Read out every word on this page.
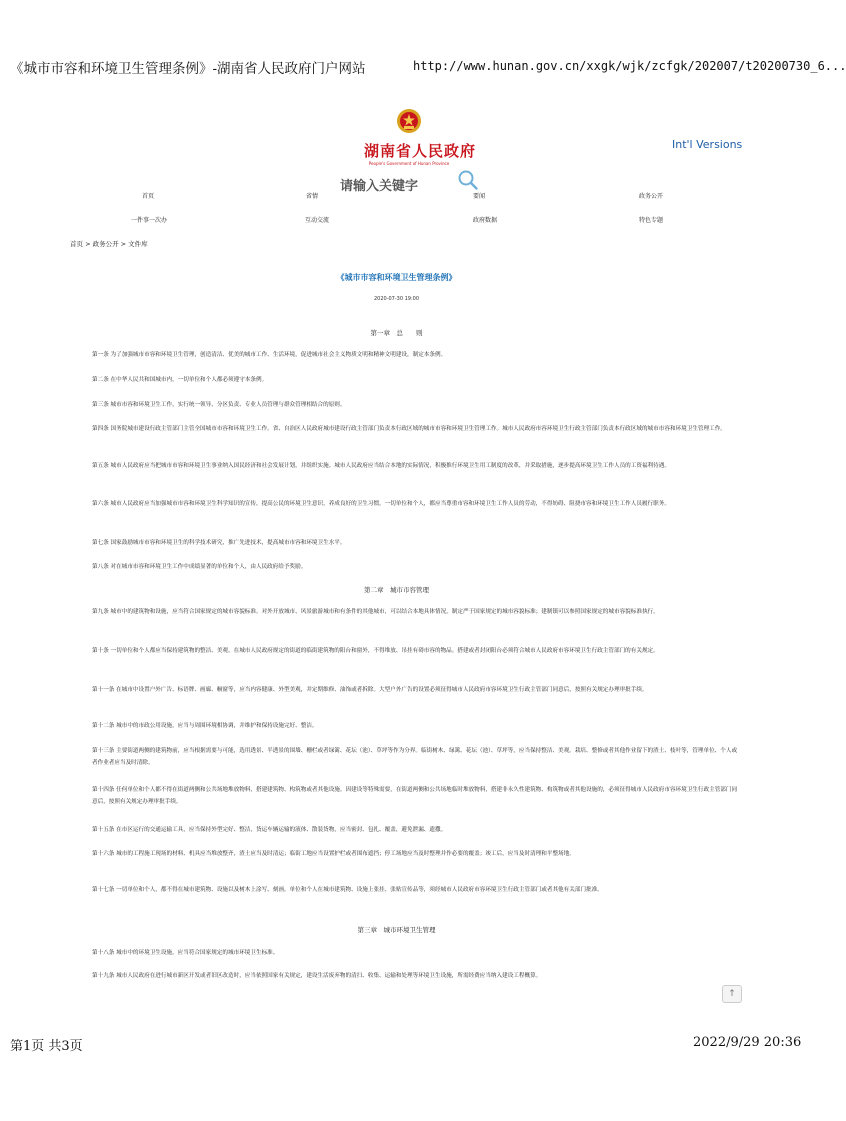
《城市市容和环境卫生管理条例》-湖南省人民政府门户网站	http://www.hunan.gov.cn/xxgk/wjk/zcfgk/202007/t20200730_6...
湖南省人民政府
People's Government of Hunan Province
Int'l Versions
请输入关键字
首页	省情	要闻	政务公开
一件事一次办	互动交流	政府数据	特色专题
首页 > 政务公开 > 文件库
《城市市容和环境卫生管理条例》
2020-07-30 19:00
第一章　总　　则
第一条 为了加强城市市容和环境卫生管理，创造清洁、优美的城市工作、生活环境，促进城市社会主义物质文明和精神文明建设，制定本条例。
第二条 在中华人民共和国城市内，一切单位和个人都必须遵守本条例。
第三条 城市市容和环境卫生工作，实行统一领导、分区负责、专业人员管理与群众管理相结合的原则。
第四条 国务院城市建设行政主管部门主管全国城市市容和环境卫生工作。省、自治区人民政府城市建设行政主管部门负责本行政区域的城市市容和环境卫生管理工作。城市人民政府市容环境卫生行政主管部门负责本行政区域的城市市容和环境卫生管理工作。
第五条 城市人民政府应当把城市市容和环境卫生事业纳入国民经济和社会发展计划，并组织实施。城市人民政府应当结合本地的实际情况，积极推行环境卫生用工制度的改革，并采取措施，逐步提高环境卫生工作人员的工资福利待遇。
第六条 城市人民政府应当加强城市市容和环境卫生科学知识的宣传，提高公民的环境卫生意识，养成良好的卫生习惯。一切单位和个人，都应当尊重市容和环境卫生工作人员的劳动，不得妨碍、阻挠市容和环境卫生工作人员履行职务。
第七条 国家鼓励城市市容和环境卫生的科学技术研究，推广先进技术，提高城市市容和环境卫生水平。
第八条 对在城市市容和环境卫生工作中成绩显著的单位和个人，由人民政府给予奖励。
第二章　城市市容管理
第九条 城市中的建筑物和设施，应当符合国家规定的城市容貌标准。对外开放城市、风景旅游城市和有条件的其他城市，可以结合本地具体情况，制定严于国家规定的城市容貌标准；建制镇可以参照国家规定的城市容貌标准执行。
第十条 一切单位和个人都应当保持建筑物的整洁、美观。在城市人民政府规定的街道的临街建筑物的阳台和窗外，不得堆放、吊挂有碍市容的物品。搭建或者封闭阳台必须符合城市人民政府市容环境卫生行政主管部门的有关规定。
第十一条 在城市中设置户外广告、标语牌、画廊、橱窗等，应当内容健康、外型美观，并定期维修、油饰或者拆除。大型户外广告的设置必须征得城市人民政府市容环境卫生行政主管部门同意后，按照有关规定办理审批手续。
第十二条 城市中的市政公用设施，应当与周围环境相协调，并维护和保持设施完好、整洁。
第十三条 主要街道两侧的建筑物前，应当根据需要与可能，选用透景、半透景的围墙、栅栏或者绿篱、花坛（池）、草坪等作为分界。临街树木、绿篱、花坛（池）、草坪等，应当保持整洁、美观。栽培、整修或者其他作业留下的渣土、枝叶等，管理单位、个人或者作业者应当及时清除。
第十四条 任何单位和个人都不得在街道两侧和公共场地堆放物料，搭建建筑物、构筑物或者其他设施。因建设等特殊需要，在街道两侧和公共场地临时堆放物料，搭建非永久性建筑物、构筑物或者其他设施的，必须征得城市人民政府市容环境卫生行政主管部门同意后，按照有关规定办理审批手续。
第十五条 在市区运行的交通运输工具，应当保持外型完好、整洁，货运车辆运输的液体、散装货物，应当密封、包扎、覆盖，避免泄漏、遗撒。
第十六条 城市的工程施工现场的材料、机具应当堆放整齐，渣土应当及时清运；临街工地应当设置护栏或者围布遮挡；停工场地应当及时整理并作必要的覆盖；竣工后，应当及时清理和平整场地。
第十七条 一切单位和个人，都不得在城市建筑物、设施以及树木上涂写、刻画。单位和个人在城市建筑物、设施上张挂、张贴宣传品等，须经城市人民政府市容环境卫生行政主管部门或者其他有关部门批准。
第三章　城市环境卫生管理
第十八条 城市中的环境卫生设施，应当符合国家规定的城市环境卫生标准。
第十九条 城市人民政府在进行城市新区开发或者旧区改造时，应当依照国家有关规定，建设生活废弃物的清扫、收集、运输和处理等环境卫生设施，所需经费应当纳入建设工程概算。
↑
第1页 共3页	2022/9/29 20:36
